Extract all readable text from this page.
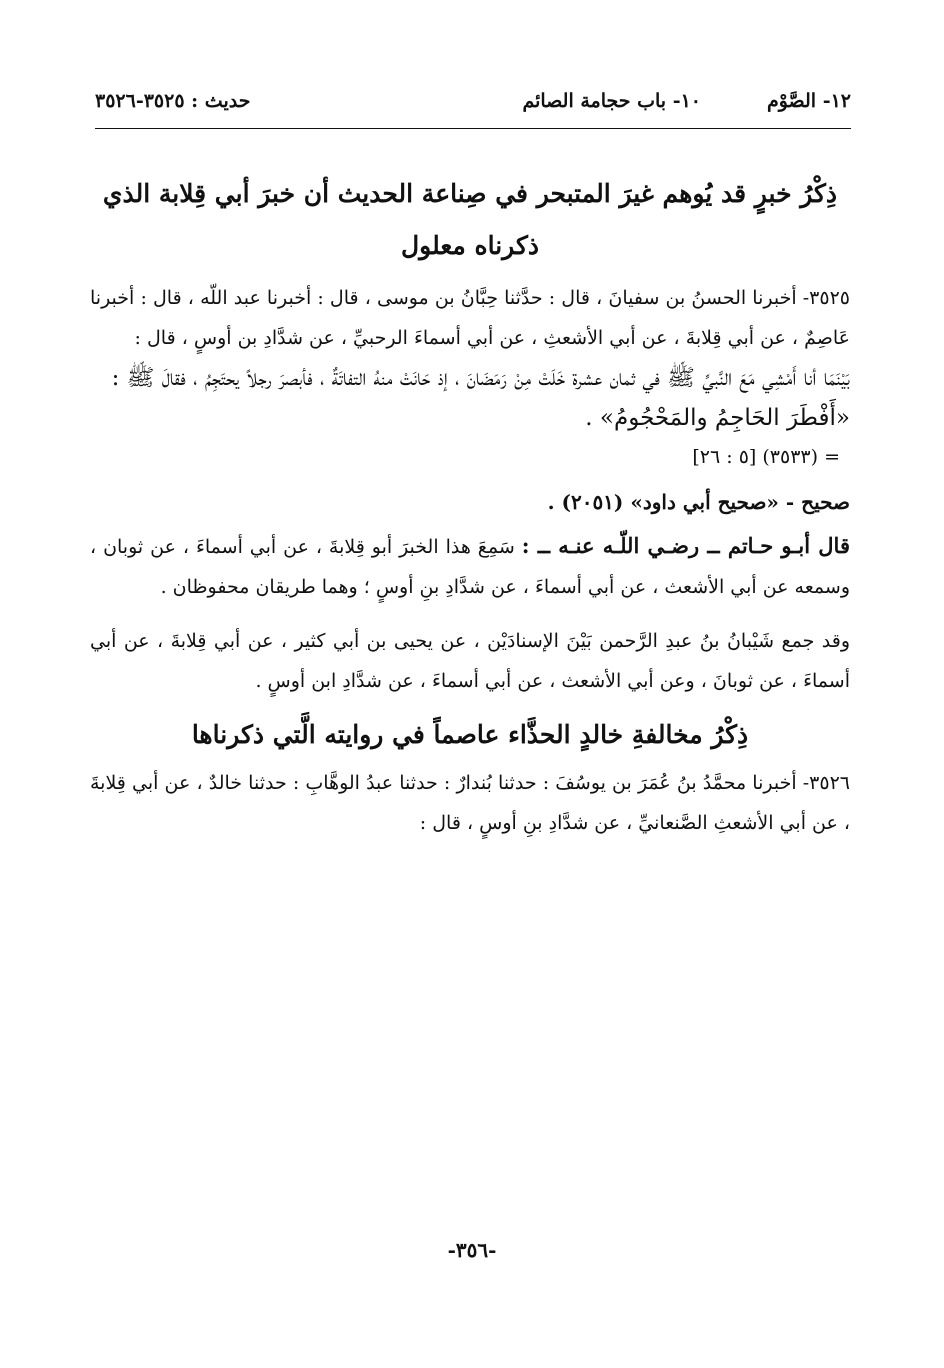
١٢- الصَّوْم
١٠- باب حجامة الصائم
حديث : ٣٥٢٥-٣٥٢٦

ذِكْرُ خبرٍ قد يُوهم غيرَ المتبحر في صِناعة الحديث أن خبرَ أبي قِلابة الذي ذكرناه معلول

٣٥٢٥- أخبرنا الحسنُ بن سفيانَ ، قال : حدَّثنا حِبَّانُ بن موسى ، قال : أخبرنا عبد اللّه ، قال : أخبرنا عَاصِمٌ ، عن أبي قِلابةَ ، عن أبي الأشعثِ ، عن أبي أسماءَ الرحبيِّ ، عن شدَّادِ بن أوسٍ ، قال :

بَيْنَمَا أنا أَمْشِي مَعَ النَّبيِّ ﷺ في ثمان عشرة خَلَتْ مِنْ رَمَضَانَ ، إذ حَانَتْ منهُ التفاتَةٌ ، فأبصرَ رجلاً يحتَجِمُ ، فقالَ ﷺ :

«أَفْطَرَ الحَاجِمُ والمَحْجُومُ» .

= (٣٥٣٣) [٥ : ٢٦]

صحيح - «صحيح أبي داود» (٢٠٥١) .

قال أبـو حـاتم ــ رضـي اللّـه عنـه ــ : سَمِعَ هذا الخبرَ أبو قِلابةَ ، عن أبي أسماءَ ، عن ثوبان ، وسمعه عن أبي الأشعث ، عن أبي أسماءَ ، عن شدَّادِ بنِ أوسٍ ؛ وهما طريقان محفوظان .

وقد جمع شَيْبانُ بنُ عبدِ الرَّحمن بَيْنَ الإسنادَيْن ، عن يحيى بن أبي كثير ، عن أبي قِلابةَ ، عن أبي أسماءَ ، عن ثوبانَ ، وعن أبي الأشعث ، عن أبي أسماءَ ، عن شدَّادِ ابن أوسٍ .

ذِكْرُ مخالفةِ خالدٍ الحذَّاء عاصماً في روايته الَّتي ذكرناها

٣٥٢٦- أخبرنا محمَّدُ بنُ عُمَرَ بن يوسُفَ : حدثنا بُندارٌ : حدثنا عبدُ الوهَّابِ : حدثنا خالدٌ ، عن أبي قِلابةَ ، عن أبي الأشعثِ الصَّنعانيِّ ، عن شدَّادِ بنِ أوسٍ ، قال :

-٣٥٦-
